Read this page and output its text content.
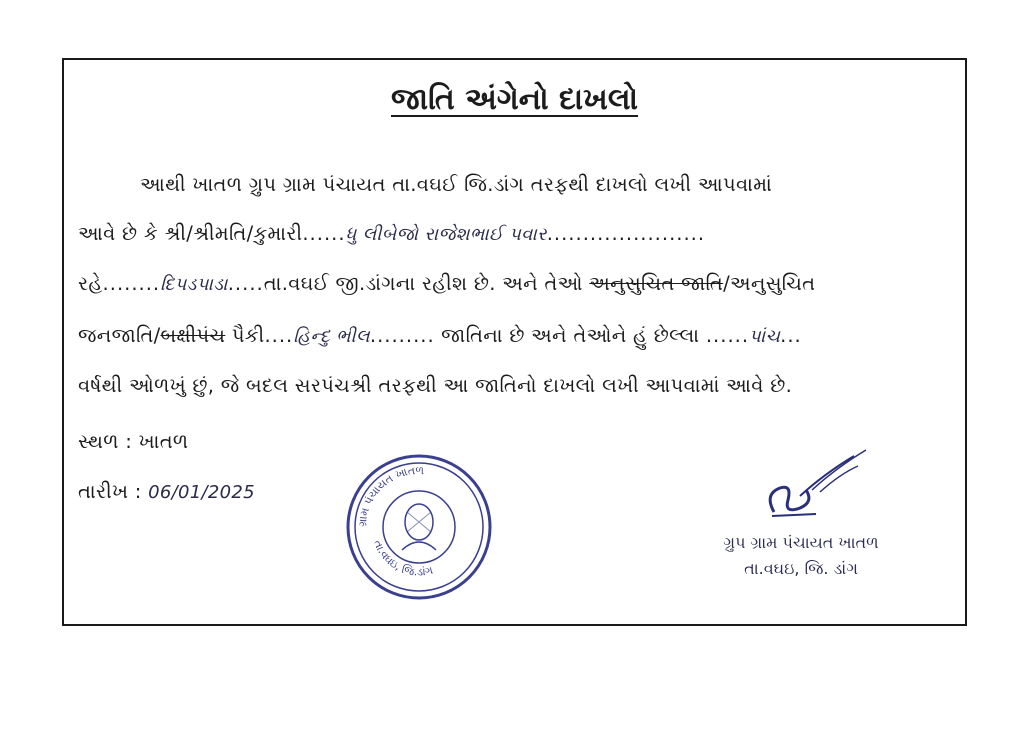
જાતિ અંગેનો દાખલો
આથી ખાતળ ગ્રુપ ગ્રામ પંચાયત તા.વઘઈ જિ.ડાંગ તરફથી દાખલો લખી આપવામાં
આવે છે કે શ્રી/શ્રીમતિ/કુમારી......ધુ લીબેજો રાજેશભાઈ પવાર......................
રહે........દિપડપાડા.....તા.વઘઈ જી.ડાંગના રહીશ છે. અને તેઓ અનુસુચિત જાતિ/અનુસુચિત
જનજાતિ/બક્ષીપંચ પૈકી....હિન્દુ ભીલ......... જાતિના છે અને તેઓને હું છેલ્લા ......પાંચ...
વર્ષથી ઓળખું છું, જે બદલ સરપંચશ્રી તરફથી આ જાતિનો દાખલો લખી આપવામાં આવે છે.
સ્થળ : ખાતળ
તારીખ : 06/01/2025
ગ્રામ પંચાયત ખાતળ
તા.વઘઇ, જિ.ડાંગ
ગ્રુપ ગ્રામ પંચાયત ખાતળ
તા.વઘઇ, જિ. ડાંગ
